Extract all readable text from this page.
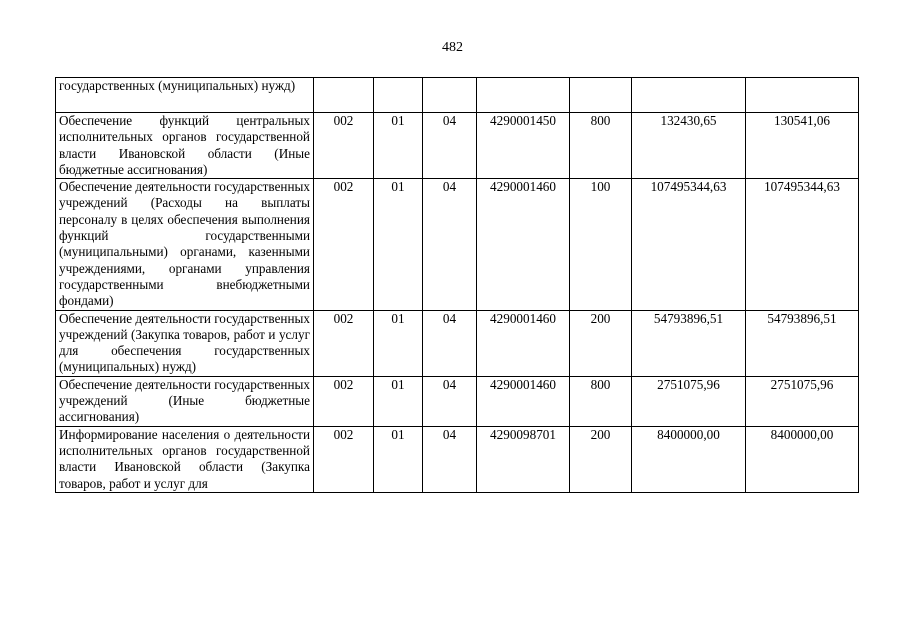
482
государственных (муниципальных) нужд)							
Обеспечение функций центральных исполнительных органов государственной власти Ивановской области (Иные бюджетные ассигнования)	002	01	04	4290001450	800	132430,65	130541,06
Обеспечение деятельности государственных учреждений (Расходы на выплаты персоналу в целях обеспечения выполнения функций государственными (муниципальными) органами, казенными учреждениями, органами управления государственными внебюджетными фондами)	002	01	04	4290001460	100	107495344,63	107495344,63
Обеспечение деятельности государственных учреждений (Закупка товаров, работ и услуг для обеспечения государственных (муниципальных) нужд)	002	01	04	4290001460	200	54793896,51	54793896,51
Обеспечение деятельности государственных учреждений (Иные бюджетные ассигнования)	002	01	04	4290001460	800	2751075,96	2751075,96
Информирование населения о деятельности исполнительных органов государственной власти Ивановской области (Закупка товаров, работ и услуг для	002	01	04	4290098701	200	8400000,00	8400000,00
